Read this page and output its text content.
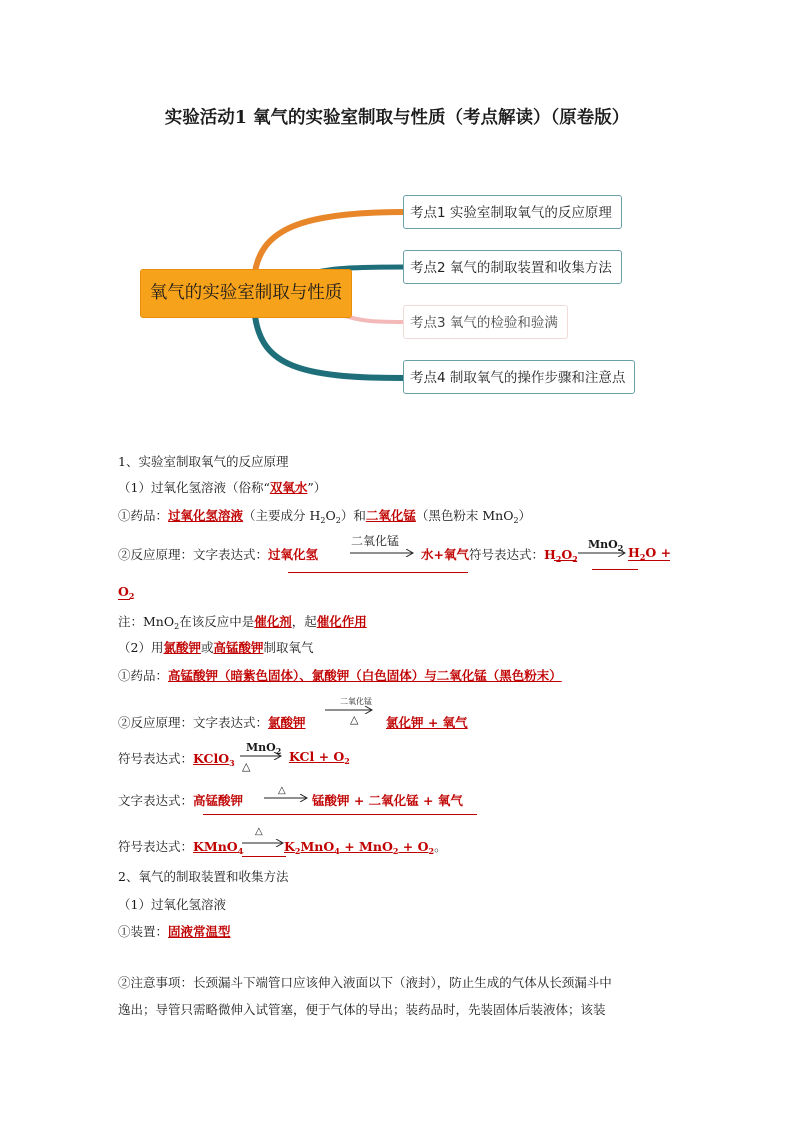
实验活动1 氧气的实验室制取与性质（考点解读）（原卷版）
氧气的实验室制取与性质
考点1 实验室制取氧气的反应原理
考点2 氧气的制取装置和收集方法
考点3 氧气的检验和验满
考点4 制取氧气的操作步骤和注意点
1、实验室制取氧气的反应原理
（1）过氧化氢溶液（俗称“双氧水”）
①药品：过氧化氢溶液（主要成分 $H_2O_2$）和二氧化锰（黑色粉末 MnO$_2$）
②反应原理：文字表达式：过氧化氢
二氧化锰
水+氧气符号表达式：$H_2O_2$
$MnO_2 \to H_2O$ +
$O_2$
注：MnO$_2$在该反应中是催化剂，起催化作用
（2）用氯酸钾或高锰酸钾制取氧气
①药品：高锰酸钾（暗紫色固体）、氯酸钾（白色固体）与二氧化锰（黑色粉末）
二氧化锰
②反应原理：文字表达式：氯酸钾	△ 氯化钾 + 氧气
符号表达式：KClO$_3$
MnO$_2$
△
KCl + $O_2$
文字表达式：高锰酸钾
△
→ 锰酸钾 + 二氧化锰 + 氧气
符号表达式：KMnO$_4$
△
$K_2MnO_4 + MnO_2 + O_2$。
2、氧气的制取装置和收集方法
（1）过氧化氢溶液
①装置：固液常温型
②注意事项：长颈漏斗下端管口应该伸入液面以下（液封），防止生成的气体从长颈漏斗中
逸出；导管只需略微伸入试管塞，便于气体的导出；装药品时，先装固体后装液体；该装
